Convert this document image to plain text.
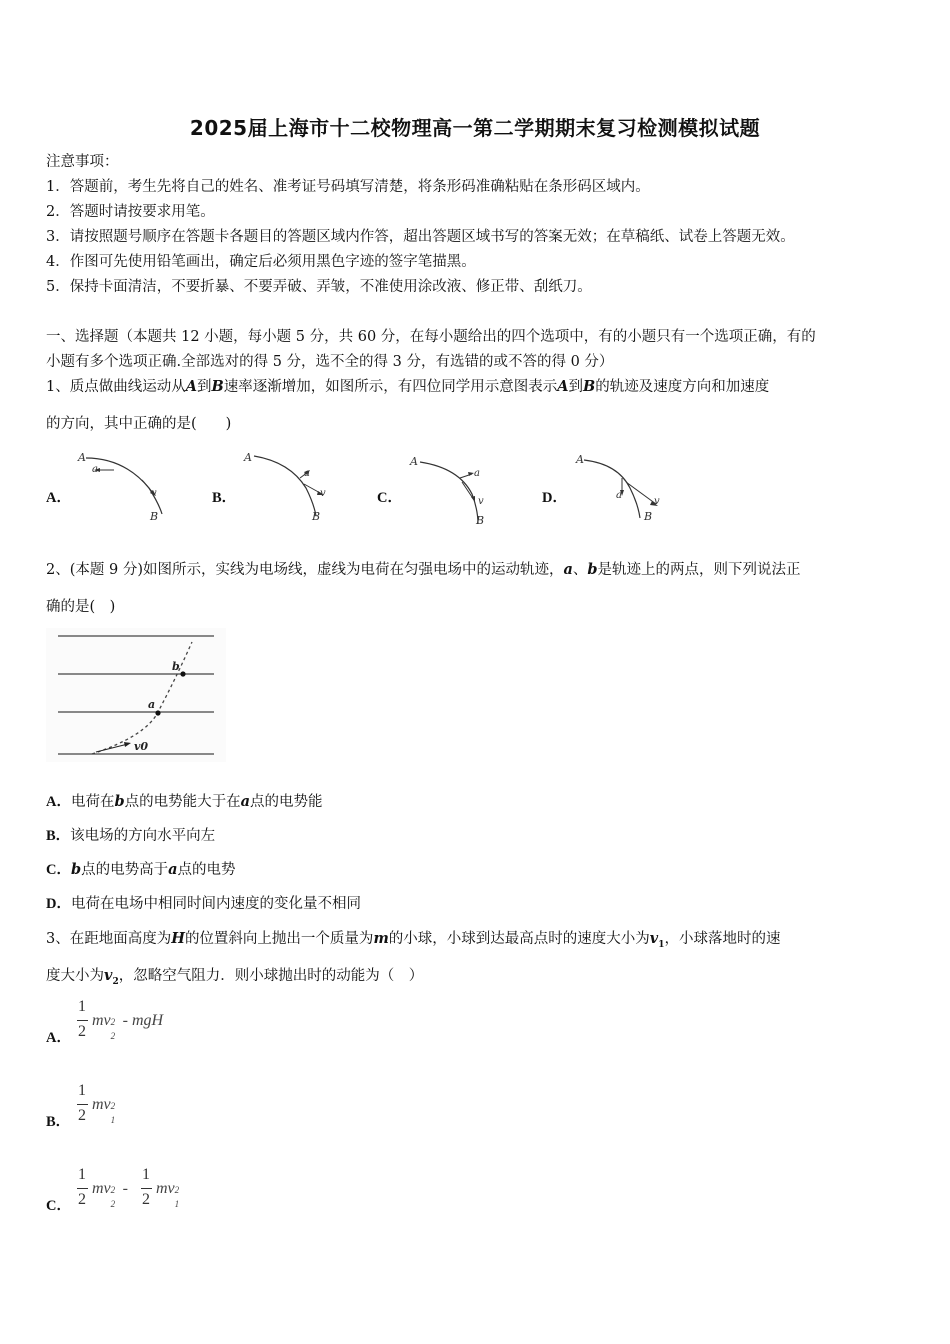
2025届上海市十二校物理高一第二学期期末复习检测模拟试题
注意事项：
1．答题前，考生先将自己的姓名、准考证号码填写清楚，将条形码准确粘贴在条形码区域内。
2．答题时请按要求用笔。
3．请按照题号顺序在答题卡各题目的答题区域内作答，超出答题区域书写的答案无效；在草稿纸、试卷上答题无效。
4．作图可先使用铅笔画出，确定后必须用黑色字迹的签字笔描黑。
5．保持卡面清洁，不要折暴、不要弄破、弄皱，不准使用涂改液、修正带、刮纸刀。
一、选择题（本题共 12 小题，每小题 5 分，共 60 分，在每小题给出的四个选项中，有的小题只有一个选项正确，有的
小题有多个选项正确.全部选对的得 5 分，选不全的得 3 分，有选错的或不答的得 0 分）
1、质点做曲线运动从A到B速率逐渐增加，如图所示，有四位同学用示意图表示A到B的轨迹及速度方向和加速度
的方向，其中正确的是(　　)
A．
A
a
v
B
B．
A
a
v
B
C．
A
a
v
B
D．
A
a
v
B
2、(本题 9 分)如图所示，实线为电场线，虚线为电荷在匀强电场中的运动轨迹，a、b是轨迹上的两点，则下列说法正
确的是(　)
a
b
v0
A．电荷在b点的电势能大于在a点的电势能
B．该电场的方向水平向左
C．b点的电势高于a点的电势
D．电荷在电场中相同时间内速度的变化量不相同
3、在距地面高度为H的位置斜向上抛出一个质量为m的小球，小球到达最高点时的速度大小为$v_1$，小球落地时的速
度大小为$v_2$，忽略空气阻力．则小球抛出时的动能为（　）
A．
1
2
mv 2
2
- mgH
B．
1
2
mv 2
1
C．
1
2
mv 2
2
-
1
2
mv 2
1
